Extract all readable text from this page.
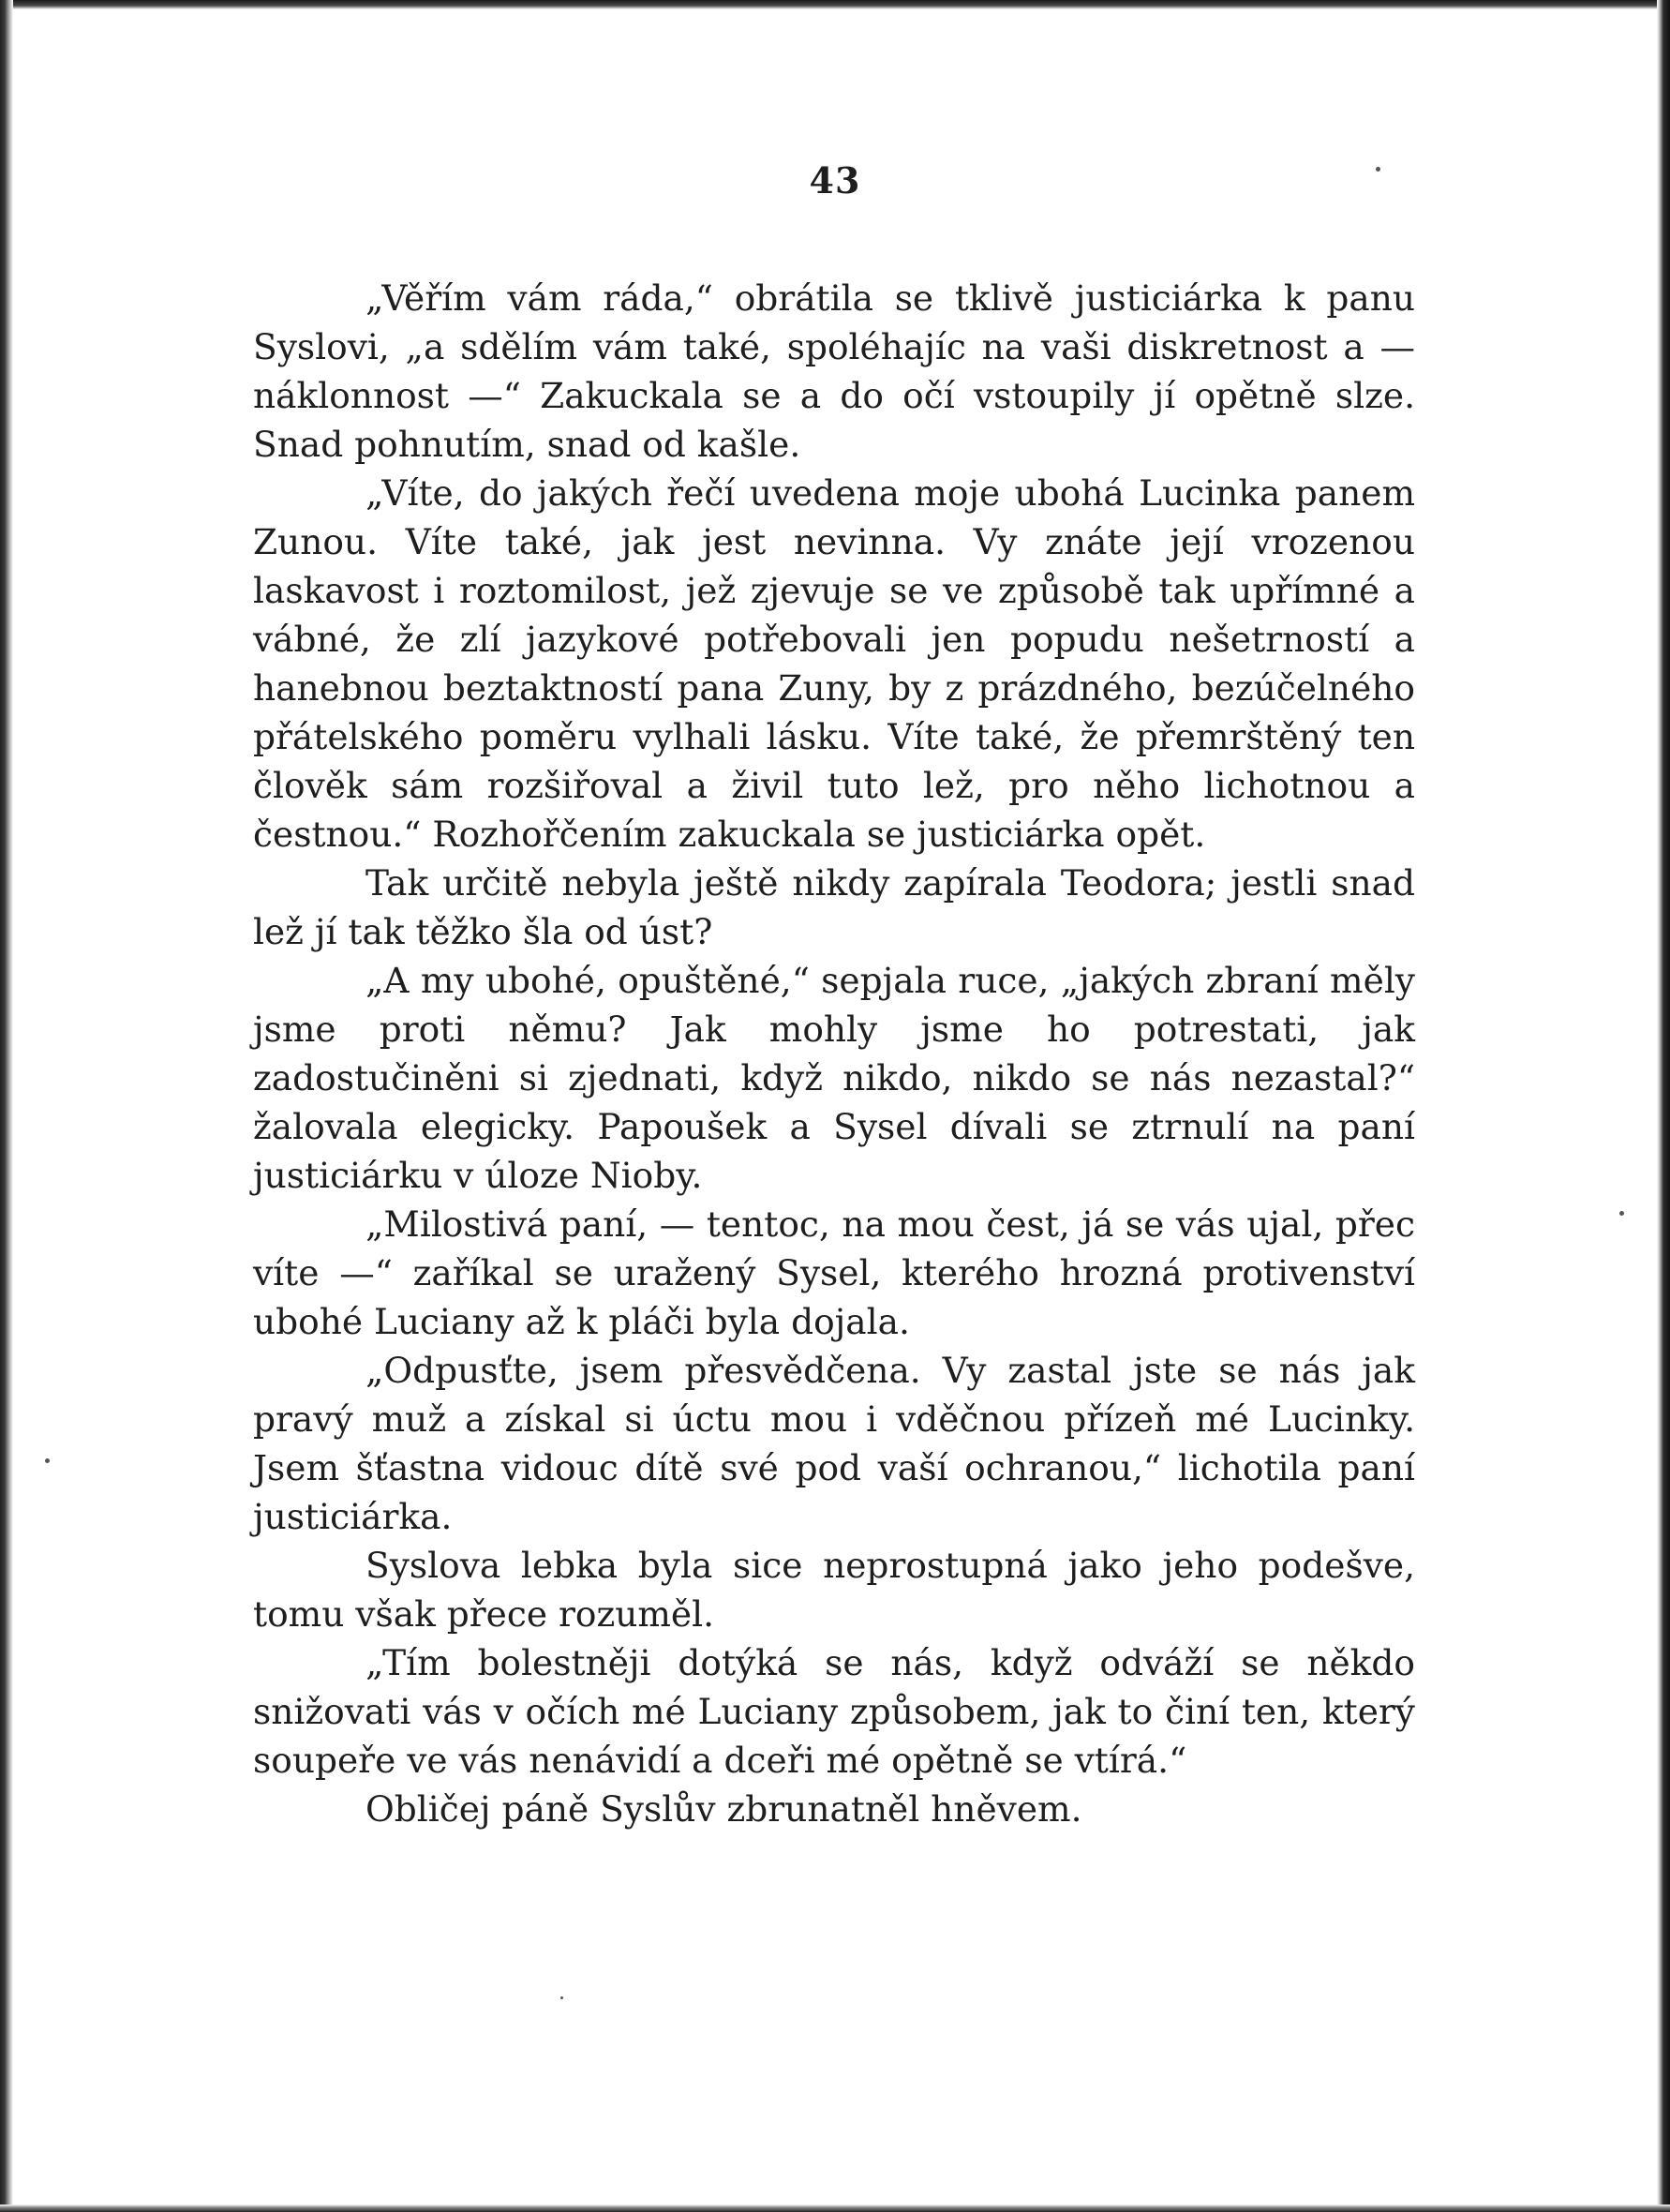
43

„Věřím vám ráda,“ obrátila se tklivě justiciárka k panu Syslovi, „a sdělím vám také, spoléhajíc na vaši diskretnost a — náklonnost —“ Zakuckala se a do očí vstoupily jí opětně slze. Snad pohnutím, snad od kašle.

„Víte, do jakých řečí uvedena moje ubohá Lucinka panem Zunou. Víte také, jak jest nevinna. Vy znáte její vrozenou laskavost i roztomilost, jež zjevuje se ve způsobě tak upřímné a vábné, že zlí jazykové potřebovali jen popudu nešetrností a hanebnou beztaktností pana Zuny, by z prázdného, bezúčelného přátelského poměru vylhali lásku. Víte také, že přemrštěný ten člověk sám rozšiřoval a živil tuto lež, pro něho lichotnou a čestnou.“ Rozhořčením zakuckala se justiciárka opět.

Tak určitě nebyla ještě nikdy zapírala Teodora; jestli snad lež jí tak těžko šla od úst?

„A my ubohé, opuštěné,“ sepjala ruce, „jakých zbraní měly jsme proti němu? Jak mohly jsme ho potrestati, jak zadostučiněni si zjednati, když nikdo, nikdo se nás nezastal?“ žalovala elegicky. Papoušek a Sysel dívali se ztrnulí na paní justiciárku v úloze Nioby.

„Milostivá paní, — tentoc, na mou čest, já se vás ujal, přec víte —“ zaříkal se uražený Sysel, kterého hrozná protivenství ubohé Luciany až k pláči byla dojala.

„Odpusťte, jsem přesvědčena. Vy zastal jste se nás jak pravý muž a získal si úctu mou i vděčnou přízeň mé Lucinky. Jsem šťastna vidouc dítě své pod vaší ochranou,“ lichotila paní justiciárka.

Syslova lebka byla sice neprostupná jako jeho podešve, tomu však přece rozuměl.

„Tím bolestněji dotýká se nás, když odváží se někdo snižovati vás v očích mé Luciany způsobem, jak to činí ten, který soupeře ve vás nenávidí a dceři mé opětně se vtírá.“

Obličej páně Syslův zbrunatněl hněvem.
